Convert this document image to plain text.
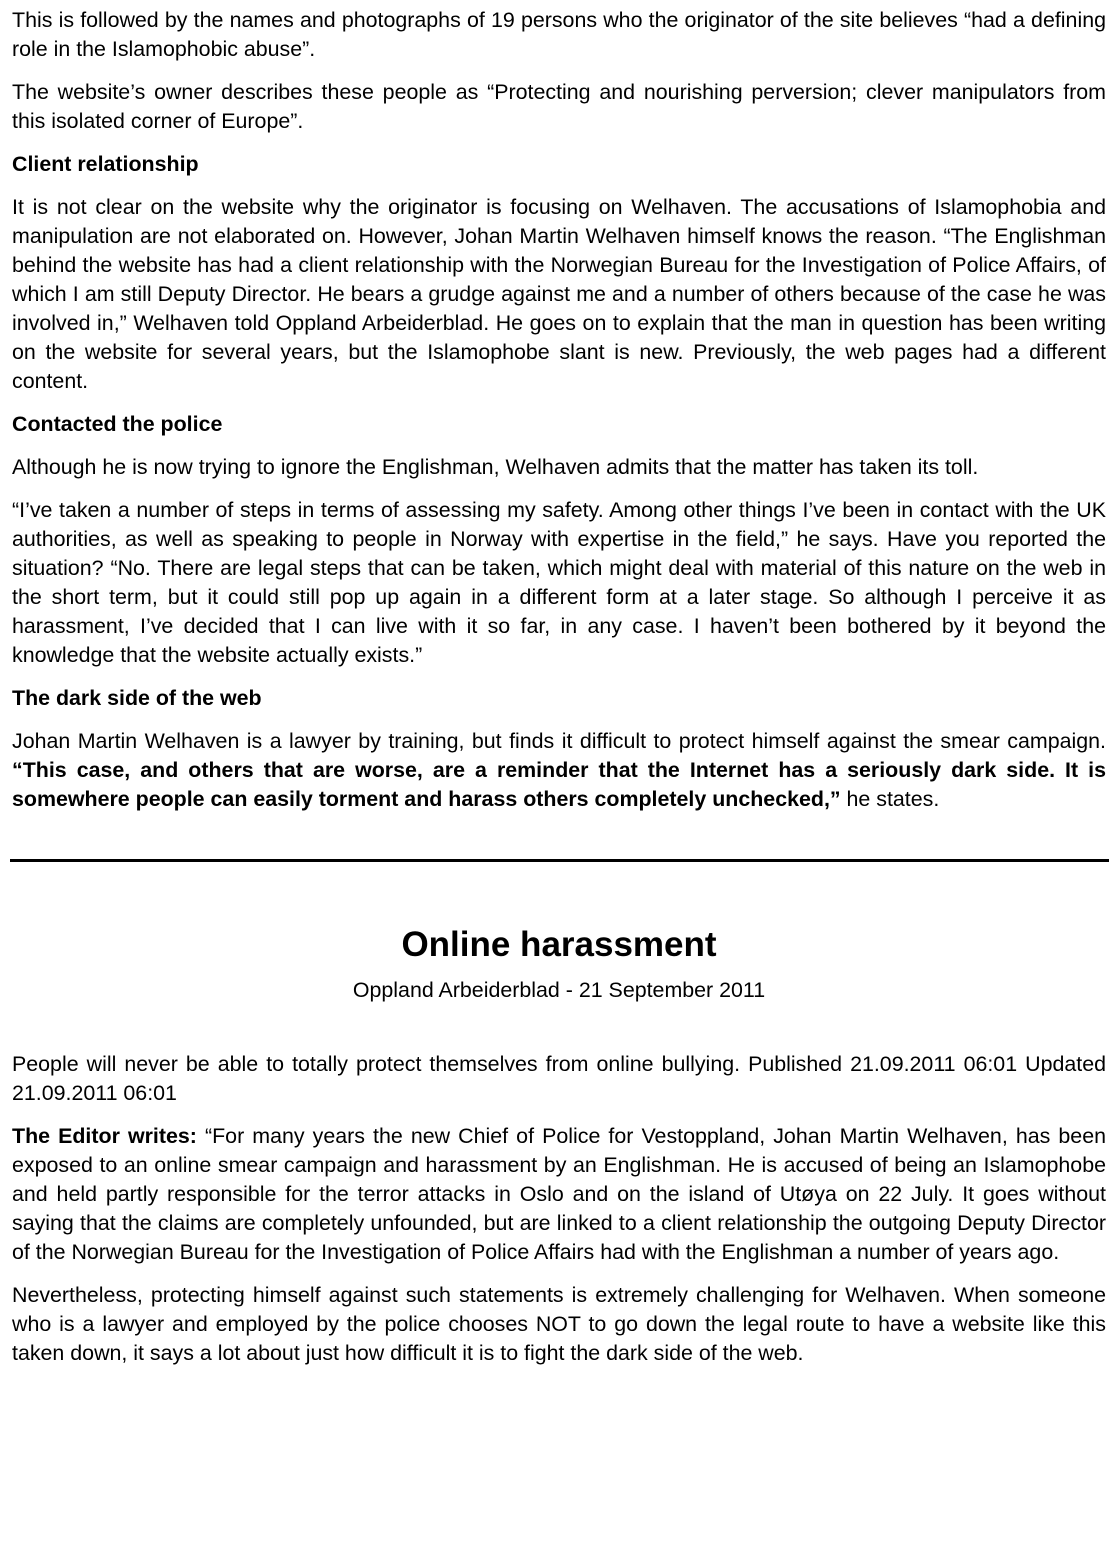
This is followed by the names and photographs of 19 persons who the originator of the site believes “had a defining role in the Islamophobic abuse”.

The website’s owner describes these people as “Protecting and nourishing perversion; clever manipulators from this isolated corner of Europe”.

Client relationship

It is not clear on the website why the originator is focusing on Welhaven. The accusations of Islamophobia and manipulation are not elaborated on. However, Johan Martin Welhaven himself knows the reason. “The Englishman behind the website has had a client relationship with the Norwegian Bureau for the Investigation of Police Affairs, of which I am still Deputy Director. He bears a grudge against me and a number of others because of the case he was involved in,” Welhaven told Oppland Arbeiderblad. He goes on to explain that the man in question has been writing on the website for several years, but the Islamophobe slant is new. Previously, the web pages had a different content.

Contacted the police

Although he is now trying to ignore the Englishman, Welhaven admits that the matter has taken its toll.

“I’ve taken a number of steps in terms of assessing my safety. Among other things I’ve been in contact with the UK authorities, as well as speaking to people in Norway with expertise in the field,” he says. Have you reported the situation? “No. There are legal steps that can be taken, which might deal with material of this nature on the web in the short term, but it could still pop up again in a different form at a later stage. So although I perceive it as harassment, I’ve decided that I can live with it so far, in any case. I haven’t been bothered by it beyond the knowledge that the website actually exists.”

The dark side of the web

Johan Martin Welhaven is a lawyer by training, but finds it difficult to protect himself against the smear campaign. “This case, and others that are worse, are a reminder that the Internet has a seriously dark side. It is somewhere people can easily torment and harass others completely unchecked,” he states.

Online harassment
Oppland Arbeiderblad - 21 September 2011

People will never be able to totally protect themselves from online bullying. Published 21.09.2011 06:01 Updated 21.09.2011 06:01

The Editor writes: “For many years the new Chief of Police for Vestoppland, Johan Martin Welhaven, has been exposed to an online smear campaign and harassment by an Englishman. He is accused of being an Islamophobe and held partly responsible for the terror attacks in Oslo and on the island of Utøya on 22 July. It goes without saying that the claims are completely unfounded, but are linked to a client relationship the outgoing Deputy Director of the Norwegian Bureau for the Investigation of Police Affairs had with the Englishman a number of years ago.

Nevertheless, protecting himself against such statements is extremely challenging for Welhaven. When someone who is a lawyer and employed by the police chooses NOT to go down the legal route to have a website like this taken down, it says a lot about just how difficult it is to fight the dark side of the web.
